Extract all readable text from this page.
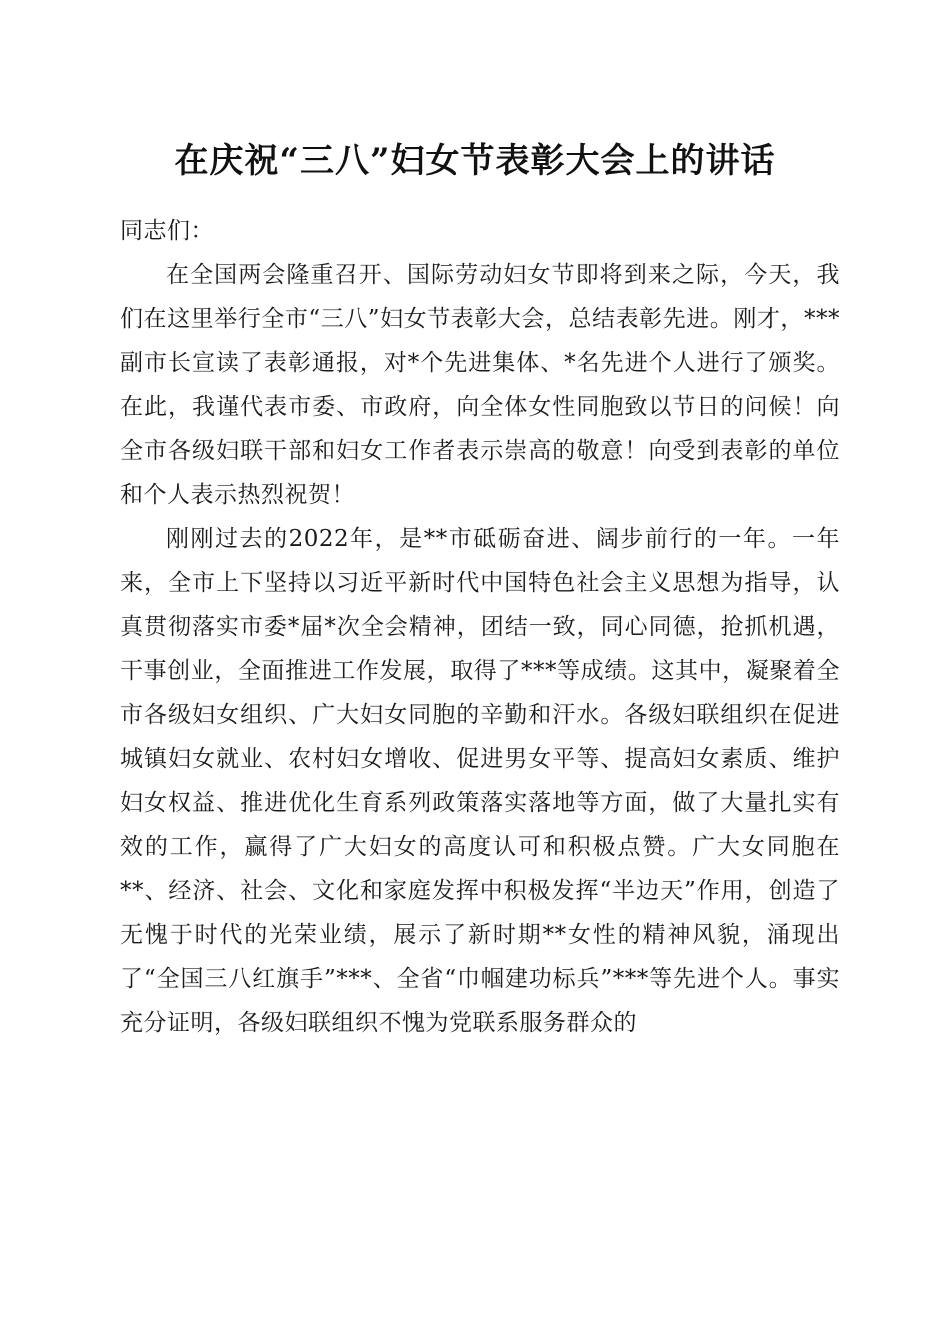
在庆祝“三八”妇女节表彰大会上的讲话

同志们：

在全国两会隆重召开、国际劳动妇女节即将到来之际，今天，我们在这里举行全市“三八”妇女节表彰大会，总结表彰先进。刚才，***副市长宣读了表彰通报，对*个先进集体、*名先进个人进行了颁奖。在此，我谨代表市委、市政府，向全体女性同胞致以节日的问候！向全市各级妇联干部和妇女工作者表示崇高的敬意！向受到表彰的单位和个人表示热烈祝贺！

刚刚过去的2022年，是**市砥砺奋进、阔步前行的一年。一年来，全市上下坚持以习近平新时代中国特色社会主义思想为指导，认真贯彻落实市委*届*次全会精神，团结一致，同心同德，抢抓机遇，干事创业，全面推进工作发展，取得了***等成绩。这其中，凝聚着全市各级妇女组织、广大妇女同胞的辛勤和汗水。各级妇联组织在促进城镇妇女就业、农村妇女增收、促进男女平等、提高妇女素质、维护妇女权益、推进优化生育系列政策落实落地等方面，做了大量扎实有效的工作，赢得了广大妇女的高度认可和积极点赞。广大女同胞在**、经济、社会、文化和家庭发挥中积极发挥“半边天”作用，创造了无愧于时代的光荣业绩，展示了新时期**女性的精神风貌，涌现出了“全国三八红旗手”***、全省“巾帼建功标兵”***等先进个人。事实充分证明，各级妇联组织不愧为党联系服务群众的
